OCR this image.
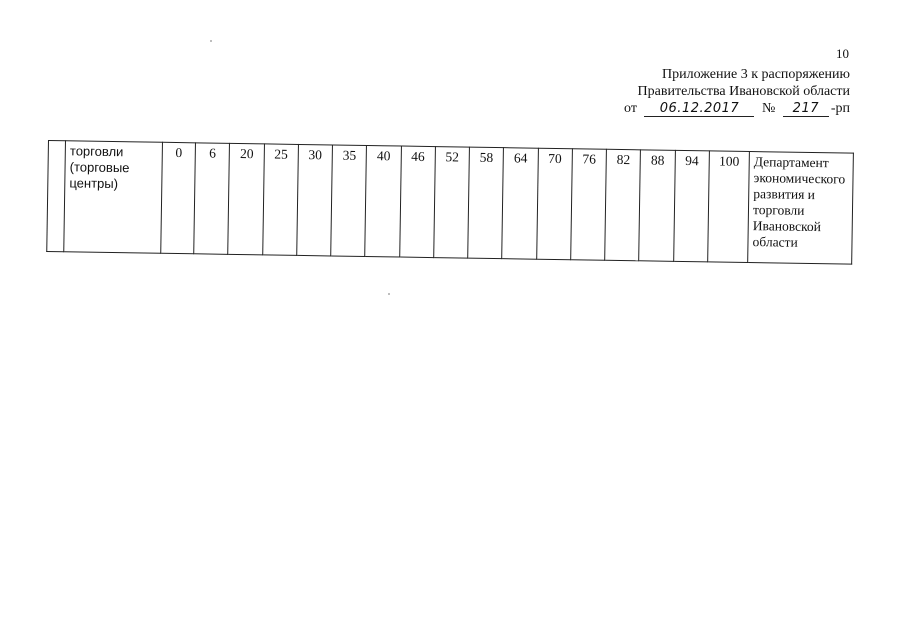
10
Приложение 3 к распоряжению
Правительства Ивановской области
от 06.12.2017 № 217 -рп
	торговли (торговые центры)	0	6	20	25	30	35	40	46	52	58	64	70	76	82	88	94	100	Департамент экономического развития и торговли Ивановской области
